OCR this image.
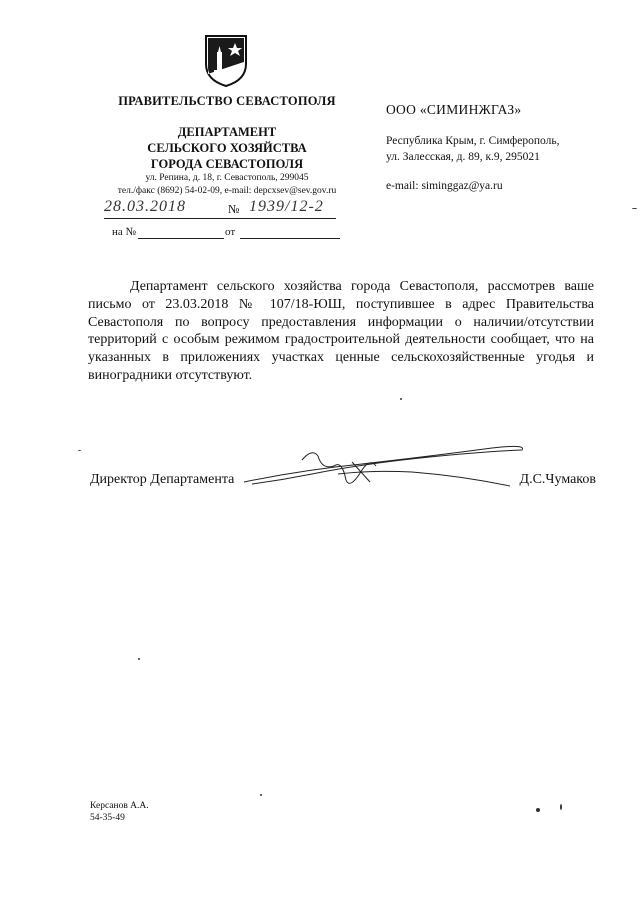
ПРАВИТЕЛЬСТВО СЕВАСТОПОЛЯ
ДЕПАРТАМЕНТ
СЕЛЬСКОГО ХОЗЯЙСТВА
ГОРОДА СЕВАСТОПОЛЯ
ул. Репина, д. 18, г. Севастополь, 299045
тел./факс (8692) 54-02-09, e-mail: depcxsev@sev.gov.ru
28.03.2018	№ 1939/12-2
на №	от
ООО «СИМИНЖГАЗ»
Республика Крым, г. Симферополь,
ул. Залесская, д. 89, к.9, 295021
e-mail: siminggaz@ya.ru

Департамент сельского хозяйства города Севастополя, рассмотрев ваше письмо от 23.03.2018 № 107/18-ЮШ, поступившее в адрес Правительства Севастополя по вопросу предоставления информации о наличии/отсутствии территорий с особым режимом градостроительной деятельности сообщает, что на указанных в приложениях участках ценные сельскохозяйственные угодья и виноградники отсутствуют.

Директор Департамента	Д.С.Чумаков
Керсанов А.А.
54-35-49
